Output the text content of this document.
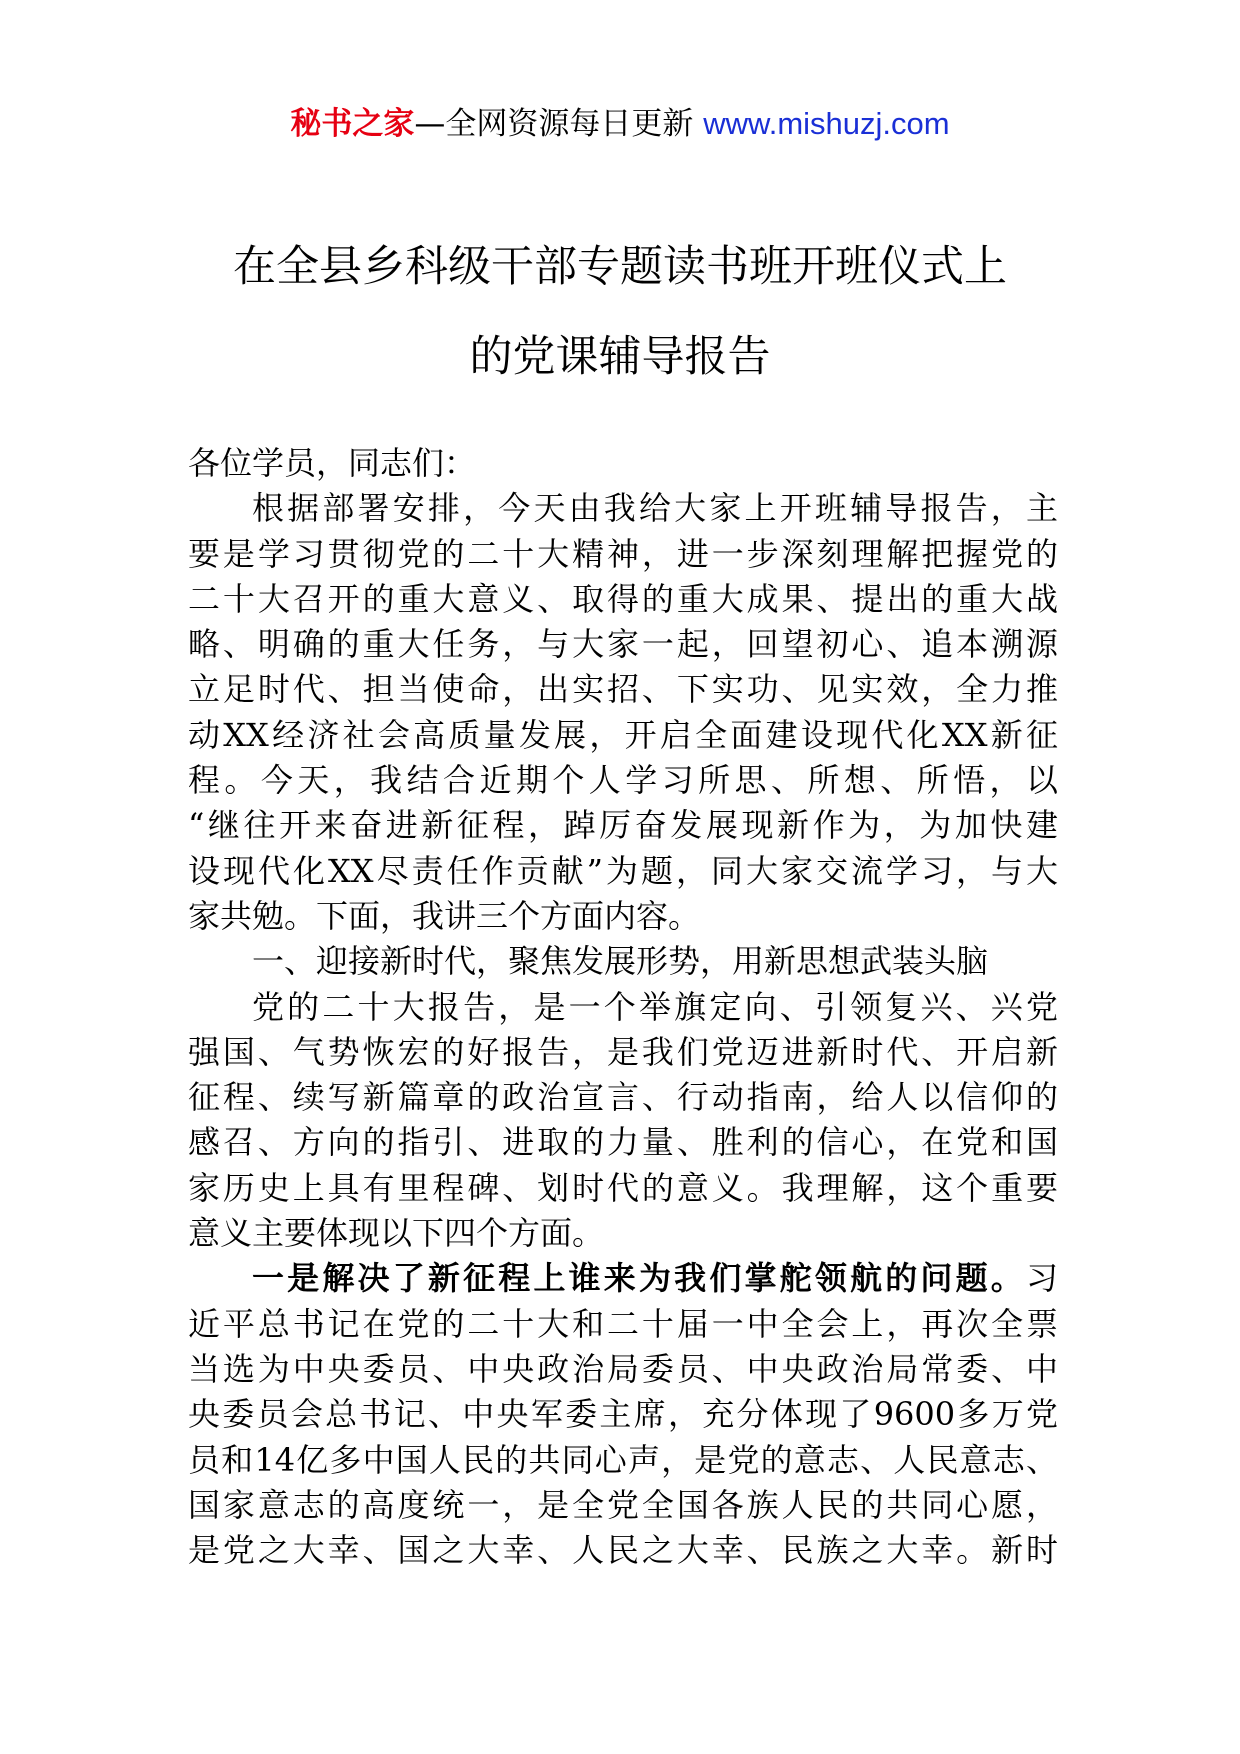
秘书之家—全网资源每日更新 www.mishuzj.com
在全县乡科级干部专题读书班开班仪式上
的党课辅导报告
各位学员，同志们：
根据部署安排，今天由我给大家上开班辅导报告，主
要是学习贯彻党的二十大精神，进一步深刻理解把握党的
二十大召开的重大意义、取得的重大成果、提出的重大战
略、明确的重大任务，与大家一起，回望初心、追本溯源
立足时代、担当使命，出实招、下实功、见实效，全力推
动XX经济社会高质量发展，开启全面建设现代化XX新征
程。今天，我结合近期个人学习所思、所想、所悟，以
“继往开来奋进新征程，踔厉奋发展现新作为，为加快建
设现代化XX尽责任作贡献”为题，同大家交流学习，与大
家共勉。下面，我讲三个方面内容。
一、迎接新时代，聚焦发展形势，用新思想武装头脑
党的二十大报告，是一个举旗定向、引领复兴、兴党
强国、气势恢宏的好报告，是我们党迈进新时代、开启新
征程、续写新篇章的政治宣言、行动指南，给人以信仰的
感召、方向的指引、进取的力量、胜利的信心，在党和国
家历史上具有里程碑、划时代的意义。我理解，这个重要
意义主要体现以下四个方面。
一是解决了新征程上谁来为我们掌舵领航的问题。习
近平总书记在党的二十大和二十届一中全会上，再次全票
当选为中央委员、中央政治局委员、中央政治局常委、中
央委员会总书记、中央军委主席，充分体现了9600多万党
员和14亿多中国人民的共同心声，是党的意志、人民意志、
国家意志的高度统一，是全党全国各族人民的共同心愿，
是党之大幸、国之大幸、人民之大幸、民族之大幸。新时
